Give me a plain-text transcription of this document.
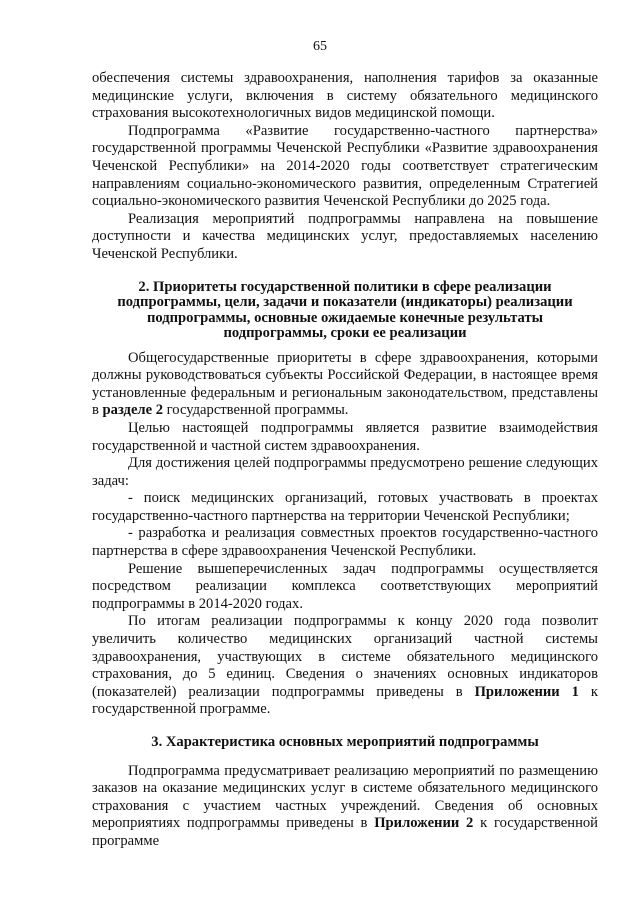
65

обеспечения системы здравоохранения, наполнения тарифов за оказанные медицинские услуги, включения в систему обязательного медицинского страхования высокотехнологичных видов медицинской помощи.

Подпрограмма «Развитие государственно-частного партнерства» государственной программы Чеченской Республики «Развитие здравоохранения Чеченской Республики» на 2014-2020 годы соответствует стратегическим направлениям социально-экономического развития, определенным Стратегией социально-экономического развития Чеченской Республики до 2025 года.

Реализация мероприятий подпрограммы направлена на повышение доступности и качества медицинских услуг, предоставляемых населению Чеченской Республики.

2. Приоритеты государственной политики в сфере реализации
подпрограммы, цели, задачи и показатели (индикаторы) реализации
подпрограммы, основные ожидаемые конечные результаты
подпрограммы, сроки ее реализации

Общегосударственные приоритеты в сфере здравоохранения, которыми должны руководствоваться субъекты Российской Федерации, в настоящее время установленные федеральным и региональным законодательством, представлены в разделе 2 государственной программы.

Целью настоящей подпрограммы является развитие взаимодействия государственной и частной систем здравоохранения.

Для достижения целей подпрограммы предусмотрено решение следующих задач:

- поиск медицинских организаций, готовых участвовать в проектах государственно-частного партнерства на территории Чеченской Республики;

- разработка и реализация совместных проектов государственно-частного партнерства в сфере здравоохранения Чеченской Республики.

Решение вышеперечисленных задач подпрограммы осуществляется посредством реализации комплекса соответствующих мероприятий подпрограммы в 2014-2020 годах.

По итогам реализации подпрограммы к концу 2020 года позволит увеличить количество медицинских организаций частной системы здравоохранения, участвующих в системе обязательного медицинского страхования, до 5 единиц. Сведения о значениях основных индикаторов (показателей) реализации подпрограммы приведены в Приложении 1 к государственной программе.

3. Характеристика основных мероприятий подпрограммы

Подпрограмма предусматривает реализацию мероприятий по размещению заказов на оказание медицинских услуг в системе обязательного медицинского страхования с участием частных учреждений. Сведения об основных мероприятиях подпрограммы приведены в Приложении 2 к государственной программе
